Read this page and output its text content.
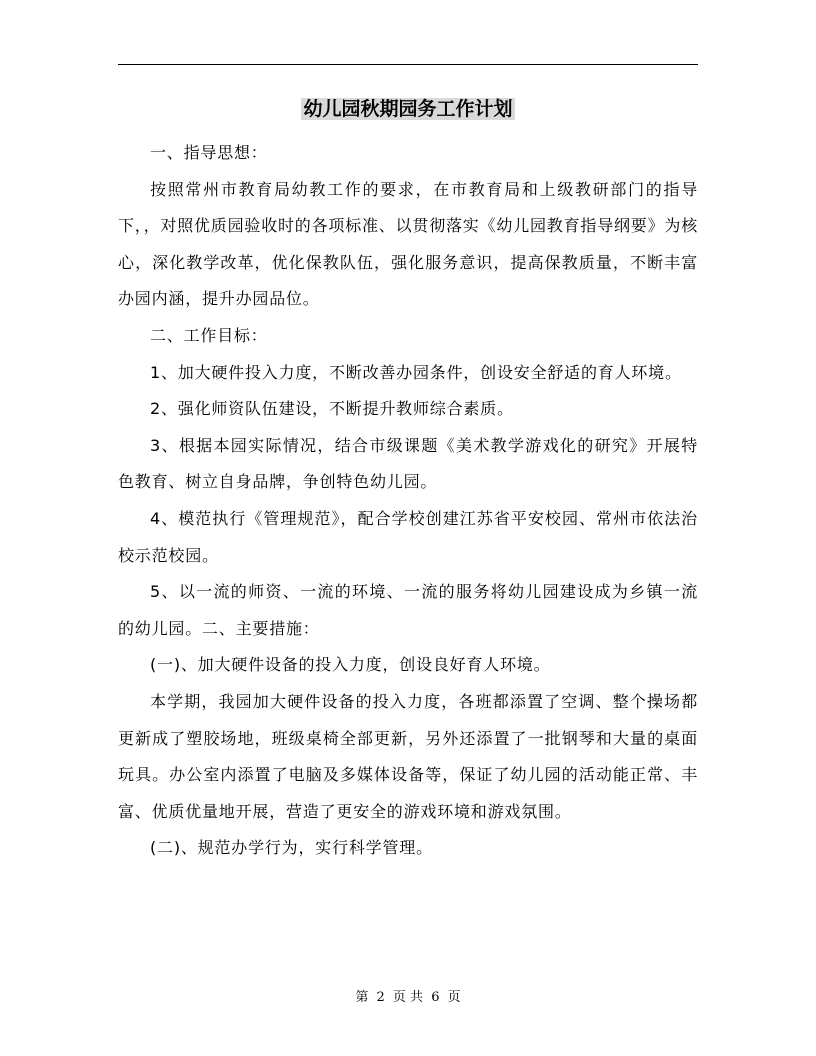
幼儿园秋期园务工作计划

一、指导思想：

按照常州市教育局幼教工作的要求，在市教育局和上级教研部门的指导下，，对照优质园验收时的各项标准、以贯彻落实《幼儿园教育指导纲要》为核心，深化教学改革，优化保教队伍，强化服务意识，提高保教质量，不断丰富办园内涵，提升办园品位。

二、工作目标：

1、加大硬件投入力度，不断改善办园条件，创设安全舒适的育人环境。

2、强化师资队伍建设，不断提升教师综合素质。

3、根据本园实际情况，结合市级课题《美术教学游戏化的研究》开展特色教育、树立自身品牌，争创特色幼儿园。

4、模范执行《管理规范》，配合学校创建江苏省平安校园、常州市依法治校示范校园。

5、以一流的师资、一流的环境、一流的服务将幼儿园建设成为乡镇一流的幼儿园。二、主要措施：

(一)、加大硬件设备的投入力度，创设良好育人环境。

本学期，我园加大硬件设备的投入力度，各班都添置了空调、整个操场都更新成了塑胶场地，班级桌椅全部更新，另外还添置了一批钢琴和大量的桌面玩具。办公室内添置了电脑及多媒体设备等，保证了幼儿园的活动能正常、丰富、优质优量地开展，营造了更安全的游戏环境和游戏氛围。

(二)、规范办学行为，实行科学管理。

第 2 页 共 6 页
